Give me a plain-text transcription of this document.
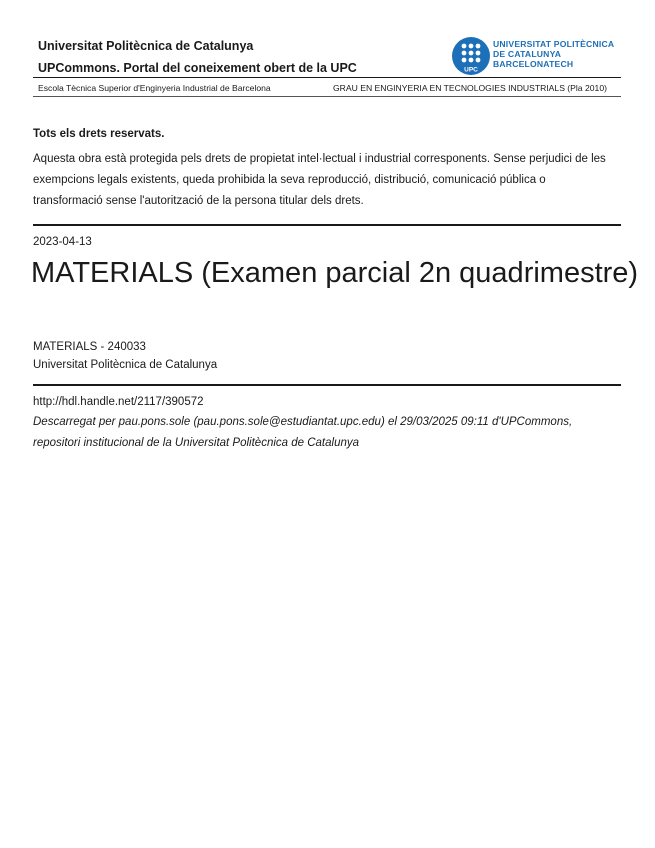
Universitat Politècnica de Catalunya
UPCommons. Portal del coneixement obert de la UPC	UPC
UNIVERSITAT POLITÈCNICA
DE CATALUNYA
BARCELONATECH
Escola Tècnica Superior d'Enginyeria Industrial de Barcelona	GRAU EN ENGINYERIA EN TECNOLOGIES INDUSTRIALS (Pla 2010)
Tots els drets reservats.
Aquesta obra està protegida pels drets de propietat intel·lectual i industrial corresponents. Sense perjudici de les exempcions legals existents, queda prohibida la seva reproducció, distribució, comunicació pública o transformació sense l'autorització de la persona titular dels drets.
2023-04-13
MATERIALS (Examen parcial 2n quadrimestre)
MATERIALS - 240033
Universitat Politècnica de Catalunya
http://hdl.handle.net/2117/390572
Descarregat per pau.pons.sole (pau.pons.sole@estudiantat.upc.edu) el 29/03/2025 09:11 d'UPCommons, repositori institucional de la Universitat Politècnica de Catalunya
